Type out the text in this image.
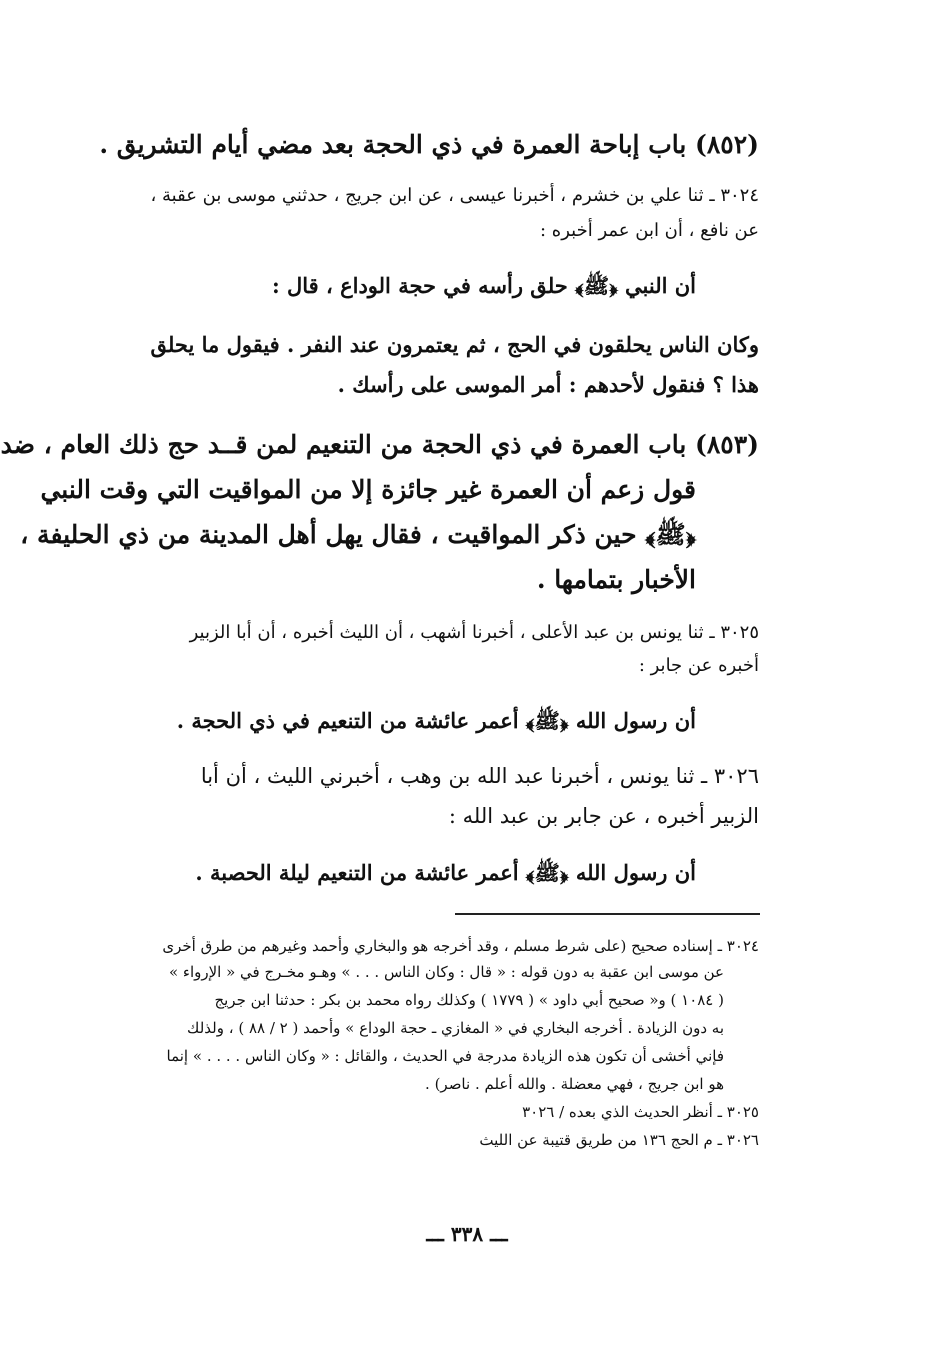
(٨٥٢) باب إباحة العمرة في ذي الحجة بعد مضي أيام التشريق .
٣٠٢٤ ـ ثنا علي بن خشرم ، أخبرنا عيسى ، عن ابن جريج ، حدثني موسى بن عقبة ،
عن نافع ، أن ابن عمر أخبره :
أن النبي ﴿ﷺ﴾ حلق رأسه في حجة الوداع ، قال :
وكان الناس يحلقون في الحج ، ثم يعتمرون عند النفر . فيقول ما يحلق
هذا ؟ فنقول لأحدهم : أمر الموسى على رأسك .
(٨٥٣) باب العمرة في ذي الحجة من التنعيم لمن قــد حج ذلك العام ، ضد
قول زعم أن العمرة غير جائزة إلا من المواقيت التي وقت النبي
﴿ﷺ﴾ حين ذكر المواقيت ، فقال يهل أهل المدينة من ذي الحليفة ،
الأخبار بتمامها .
٣٠٢٥ ـ ثنا يونس بن عبد الأعلى ، أخبرنا أشهب ، أن الليث أخبره ، أن أبا الزبير
أخبره عن جابر :
أن رسول الله ﴿ﷺ﴾ أعمر عائشة من التنعيم في ذي الحجة .
٣٠٢٦ ـ ثنا يونس ، أخبرنا عبد الله بن وهب ، أخبرني الليث ، أن أبا
الزبير أخبره ، عن جابر بن عبد الله :
أن رسول الله ﴿ﷺ﴾ أعمر عائشة من التنعيم ليلة الحصبة .
٣٠٢٤ ـ إسناده صحيح (على شرط مسلم ، وقد أخرجه هو والبخاري وأحمد وغيرهم من طرق أخرى
عن موسى ابن عقبة به دون قوله : « قال : وكان الناس . . . » وهـو مخـرج في « الإرواء »
( ١٠٨٤ ) و« صحيح أبي داود » ( ١٧٧٩ ) وكذلك رواه محمد بن بكر : حدثنا ابن جريج
به دون الزيادة . أخرجه البخاري في « المغازي ـ حجة الوداع » وأحمد ( ٢ / ٨٨ ) ، ولذلك
فإني أخشى أن تكون هذه الزيادة مدرجة في الحديث ، والقائل : « وكان الناس . . . . » إنما
هو ابن جريج ، فهي معضلة . والله أعلم . ناصر) .
٣٠٢٥ ـ أنظر الحديث الذي بعده / ٣٠٢٦
٣٠٢٦ ـ م الحج ١٣٦ من طريق قتيبة عن الليث
ـــ ٣٣٨ ـــ
